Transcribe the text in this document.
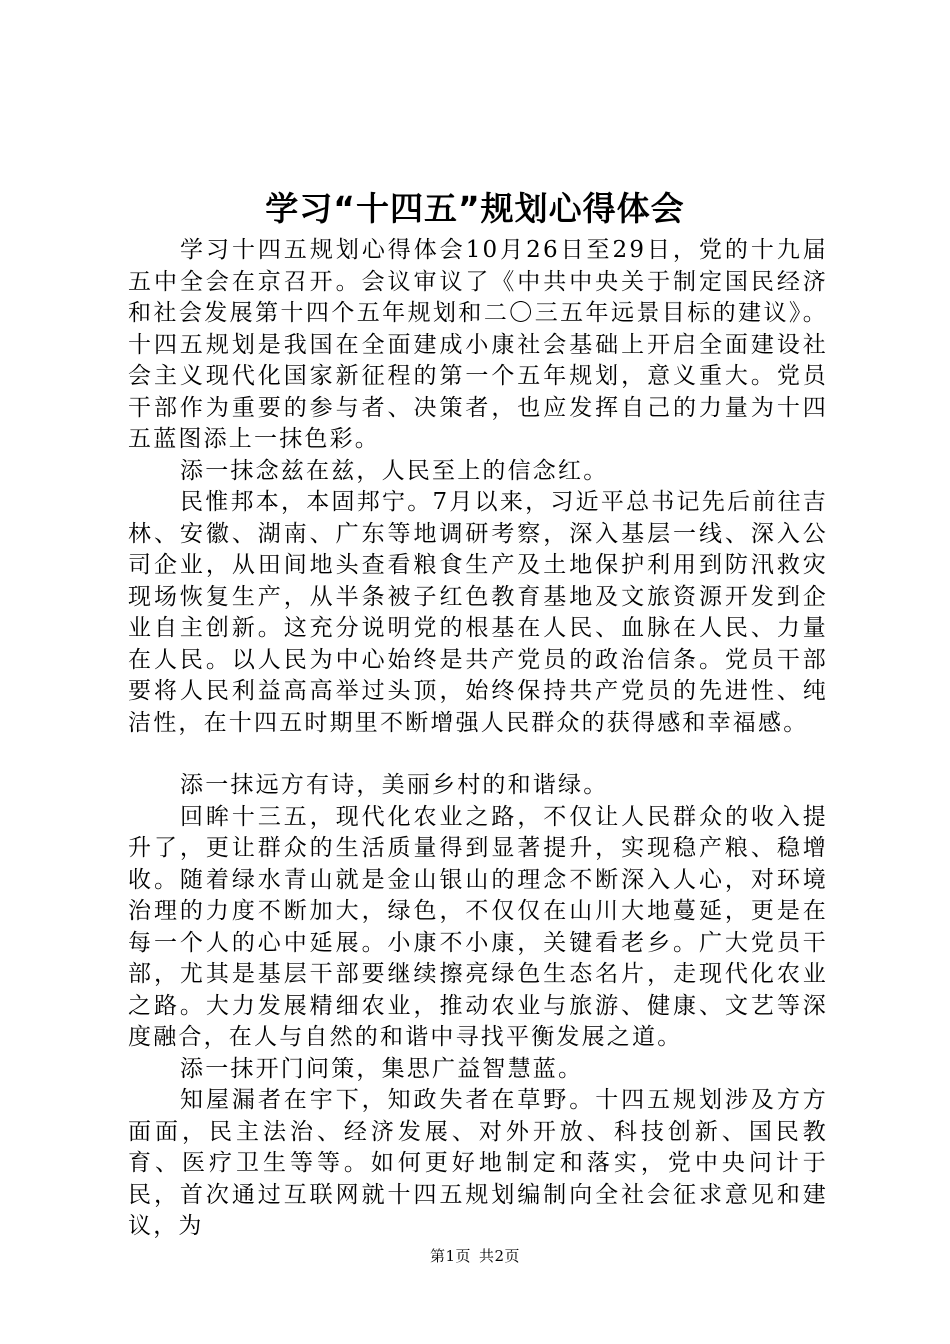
学习“十四五”规划心得体会

学习十四五规划心得体会10月26日至29日，党的十九届五中全会在京召开。会议审议了《中共中央关于制定国民经济和社会发展第十四个五年规划和二〇三五年远景目标的建议》。十四五规划是我国在全面建成小康社会基础上开启全面建设社会主义现代化国家新征程的第一个五年规划，意义重大。党员干部作为重要的参与者、决策者，也应发挥自己的力量为十四五蓝图添上一抹色彩。

添一抹念兹在兹，人民至上的信念红。

民惟邦本，本固邦宁。7月以来，习近平总书记先后前往吉林、安徽、湖南、广东等地调研考察，深入基层一线、深入公司企业，从田间地头查看粮食生产及土地保护利用到防汛救灾现场恢复生产，从半条被子红色教育基地及文旅资源开发到企业自主创新。这充分说明党的根基在人民、血脉在人民、力量在人民。以人民为中心始终是共产党员的政治信条。党员干部要将人民利益高高举过头顶，始终保持共产党员的先进性、纯洁性，在十四五时期里不断增强人民群众的获得感和幸福感。

添一抹远方有诗，美丽乡村的和谐绿。

回眸十三五，现代化农业之路，不仅让人民群众的收入提升了，更让群众的生活质量得到显著提升，实现稳产粮、稳增收。随着绿水青山就是金山银山的理念不断深入人心，对环境治理的力度不断加大，绿色，不仅仅在山川大地蔓延，更是在每一个人的心中延展。小康不小康，关键看老乡。广大党员干部，尤其是基层干部要继续擦亮绿色生态名片，走现代化农业之路。大力发展精细农业，推动农业与旅游、健康、文艺等深度融合，在人与自然的和谐中寻找平衡发展之道。

添一抹开门问策，集思广益智慧蓝。

知屋漏者在宇下，知政失者在草野。十四五规划涉及方方面面，民主法治、经济发展、对外开放、科技创新、国民教育、医疗卫生等等。如何更好地制定和落实，党中央问计于民，首次通过互联网就十四五规划编制向全社会征求意见和建议，为

第1页 共2页
